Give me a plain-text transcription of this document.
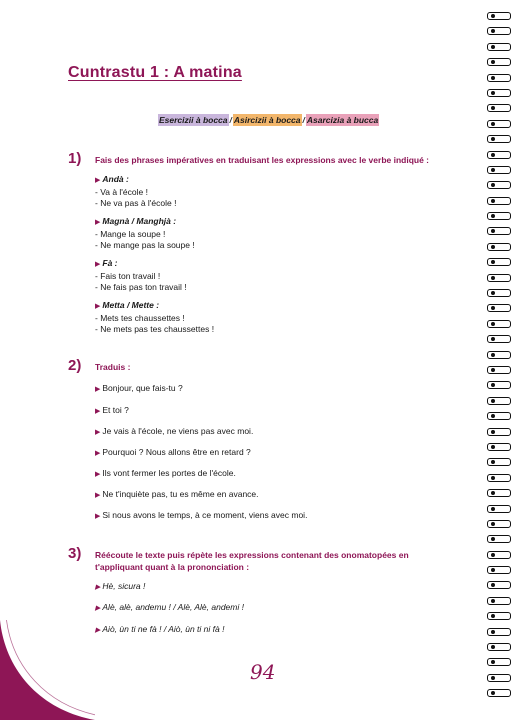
Cuntrastu 1 : A matina
Esercizii à bocca / Asircizii à bocca / Asarcizia à bucca
1) Fais des phrases impératives en traduisant les expressions avec le verbe indiqué :
▶ Andà :
- Va à l'école !
- Ne va pas à l'école !
▶ Magnà / Manghjà :
- Mange la soupe !
- Ne mange pas la soupe !
▶ Fà :
- Fais ton travail !
- Ne fais pas ton travail !
▶ Metta / Mette :
- Mets tes chaussettes !
- Ne mets pas tes chaussettes !
2) Traduis :
▶ Bonjour, que fais-tu ?
▶ Et toi ?
▶ Je vais à l'école, ne viens pas avec moi.
▶ Pourquoi ? Nous allons être en retard ?
▶ Ils vont fermer les portes de l'école.
▶ Ne t'inquiète pas, tu es même en avance.
▶ Si nous avons le temps, à ce moment, viens avec moi.
3) Réécoute le texte puis répète les expressions contenant des onomatopées en
t'appliquant quant à la prononciation :
▶ Hè, sicura !
▶ Alè, alè, andemu ! / Alè, Alè, andemi !
▶ Aiò, ùn ti ne fà ! / Aiò, ùn ti ni fà !
94
